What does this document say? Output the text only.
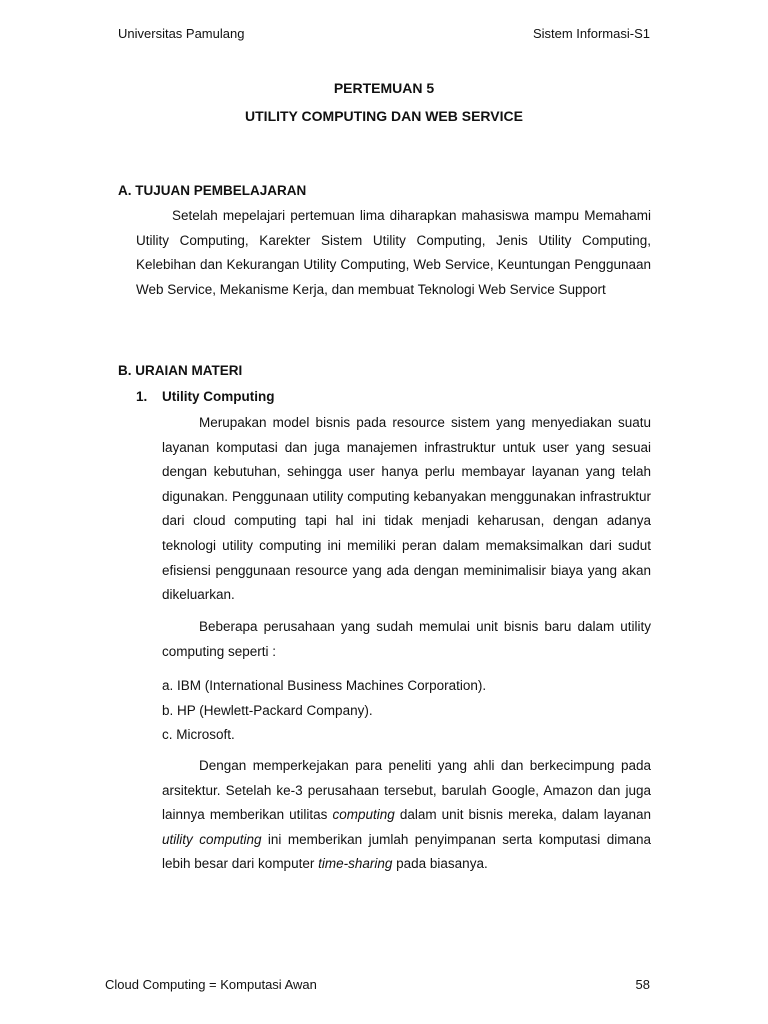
Universitas Pamulang	Sistem Informasi-S1
PERTEMUAN 5
UTILITY COMPUTING DAN WEB SERVICE
A. TUJUAN PEMBELAJARAN
Setelah mepelajari pertemuan lima diharapkan mahasiswa mampu Memahami Utility Computing, Karekter Sistem Utility Computing, Jenis Utility Computing, Kelebihan dan Kekurangan Utility Computing, Web Service, Keuntungan Penggunaan Web Service, Mekanisme Kerja, dan membuat Teknologi Web Service Support
B. URAIAN MATERI
1. Utility Computing
Merupakan model bisnis pada resource sistem yang menyediakan suatu layanan komputasi dan juga manajemen infrastruktur untuk user yang sesuai dengan kebutuhan, sehingga user hanya perlu membayar layanan yang telah digunakan. Penggunaan utility computing kebanyakan menggunakan infrastruktur dari cloud computing tapi hal ini tidak menjadi keharusan, dengan adanya teknologi utility computing ini memiliki peran dalam memaksimalkan dari sudut efisiensi penggunaan resource yang ada dengan meminimalisir biaya yang akan dikeluarkan.
Beberapa perusahaan yang sudah memulai unit bisnis baru dalam utility computing seperti :
a. IBM (International Business Machines Corporation).
b. HP (Hewlett-Packard Company).
c. Microsoft.
Dengan memperkejakan para peneliti yang ahli dan berkecimpung pada arsitektur. Setelah ke-3 perusahaan tersebut, barulah Google, Amazon dan juga lainnya memberikan utilitas computing dalam unit bisnis mereka, dalam layanan utility computing ini memberikan jumlah penyimpanan serta komputasi dimana lebih besar dari komputer time-sharing pada biasanya.
Cloud Computing = Komputasi Awan	58
